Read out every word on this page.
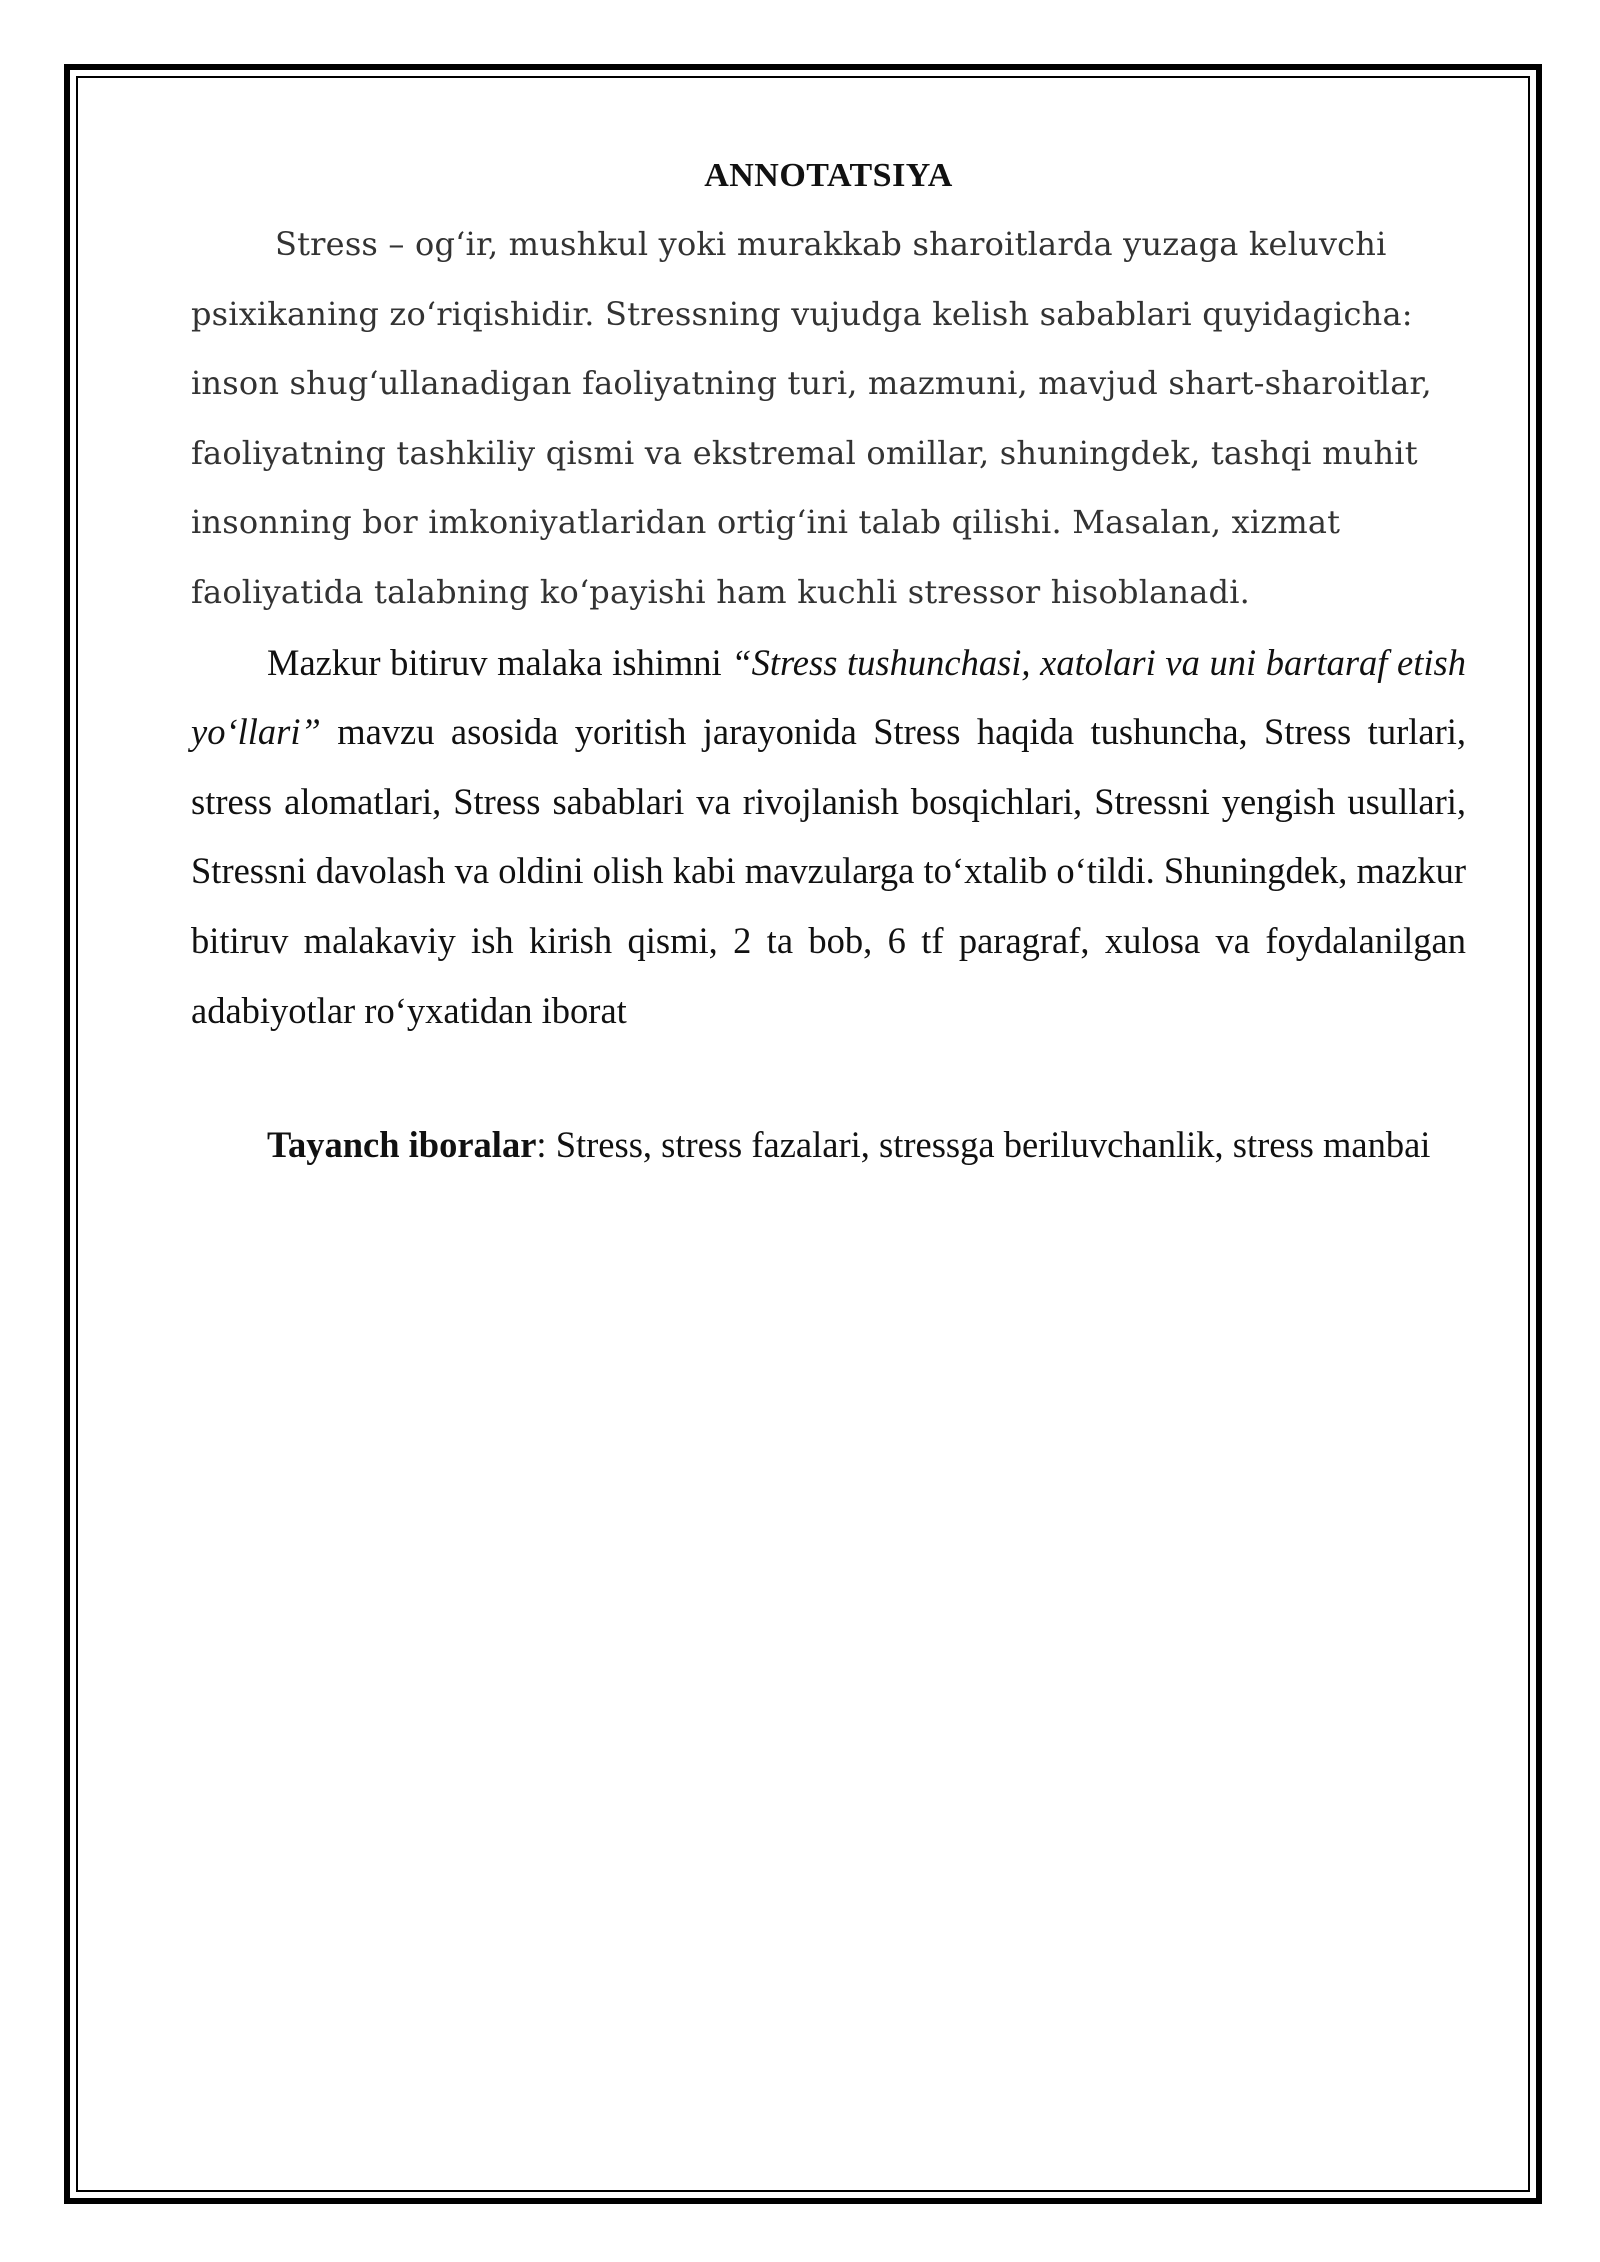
ANNOTATSIYA

Stress – og‘ir, mushkul yoki murakkab sharoitlarda yuzaga keluvchi psixikaning zo‘riqishidir. Stressning vujudga kelish sabablari quyidagicha: inson shug‘ullanadigan faoliyatning turi, mazmuni, mavjud shart-sharoitlar, faoliyatning tashkiliy qismi va ekstremal omillar, shuningdek, tashqi muhit insonning bor imkoniyatlaridan ortig‘ini talab qilishi. Masalan, xizmat faoliyatida talabning ko‘payishi ham kuchli stressor hisoblanadi.

Mazkur bitiruv malaka ishimni “Stress tushunchasi, xatolari va uni bartaraf etish yo‘llari” mavzu asosida yoritish jarayonida Stress haqida tushuncha, Stress turlari, stress alomatlari, Stress sabablari va rivojlanish bosqichlari, Stressni yengish usullari, Stressni davolash va oldini olish kabi mavzularga to‘xtalib o‘tildi. Shuningdek, mazkur bitiruv malakaviy ish kirish qismi, 2 ta bob, 6 tf paragraf, xulosa va foydalanilgan adabiyotlar ro‘yxatidan iborat

Tayanch iboralar: Stress, stress fazalari, stressga beriluvchanlik, stress manbai
